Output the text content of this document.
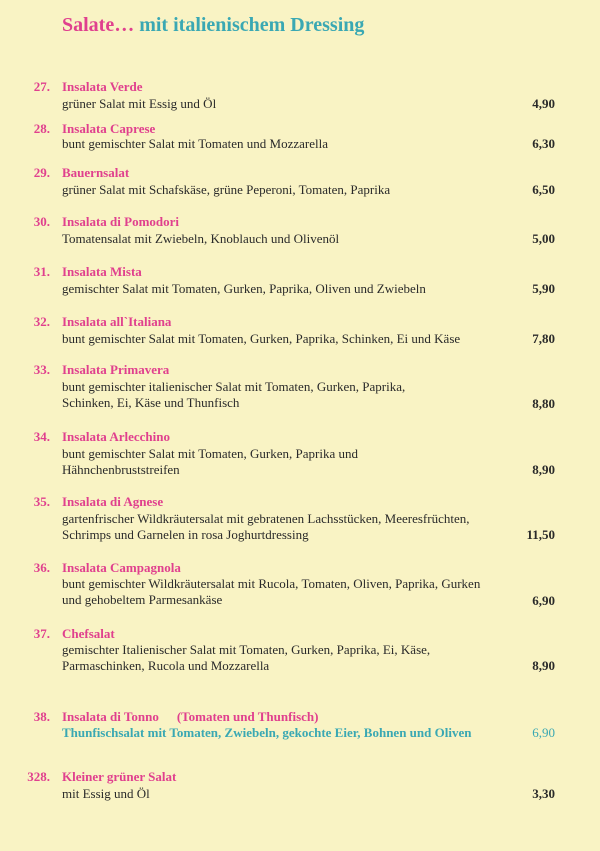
Salate… mit italienischem Dressing
27. Insalata Verde
grüner Salat mit Essig und Öl	4,90
28. Insalata Caprese
bunt gemischter Salat mit Tomaten und Mozzarella	6,30
29. Bauernsalat
grüner Salat mit Schafskäse, grüne Peperoni, Tomaten, Paprika	6,50
30. Insalata di Pomodori
Tomatensalat mit Zwiebeln, Knoblauch und Olivenöl	5,00
31. Insalata Mista
gemischter Salat mit Tomaten, Gurken, Paprika, Oliven und Zwiebeln	5,90
32. Insalata all`Italiana
bunt gemischter Salat mit Tomaten, Gurken, Paprika, Schinken, Ei und Käse	7,80
33. Insalata Primavera
bunt gemischter italienischer Salat mit Tomaten, Gurken, Paprika, Schinken, Ei, Käse und Thunfisch	8,80
34. Insalata Arlecchino
bunt gemischter Salat mit Tomaten, Gurken, Paprika und Hähnchenbruststreifen	8,90
35. Insalata di Agnese
gartenfrischer Wildkräutersalat mit gebratenen Lachsstücken, Meeresfrüchten, Schrimps und Garnelen in rosa Joghurtdressing	11,50
36. Insalata Campagnola
bunt gemischter Wildkräutersalat mit Rucola, Tomaten, Oliven, Paprika, Gurken und gehobeltem Parmesankäse	6,90
37. Chefsalat
gemischter Italienischer Salat mit Tomaten, Gurken, Paprika, Ei, Käse, Parmaschinken, Rucola und Mozzarella	8,90
38. Insalata di Tonno (Tomaten und Thunfisch)
Thunfischsalat mit Tomaten, Zwiebeln, gekochte Eier, Bohnen und Oliven	6,90
328. Kleiner grüner Salat
mit Essig und Öl	3,30
